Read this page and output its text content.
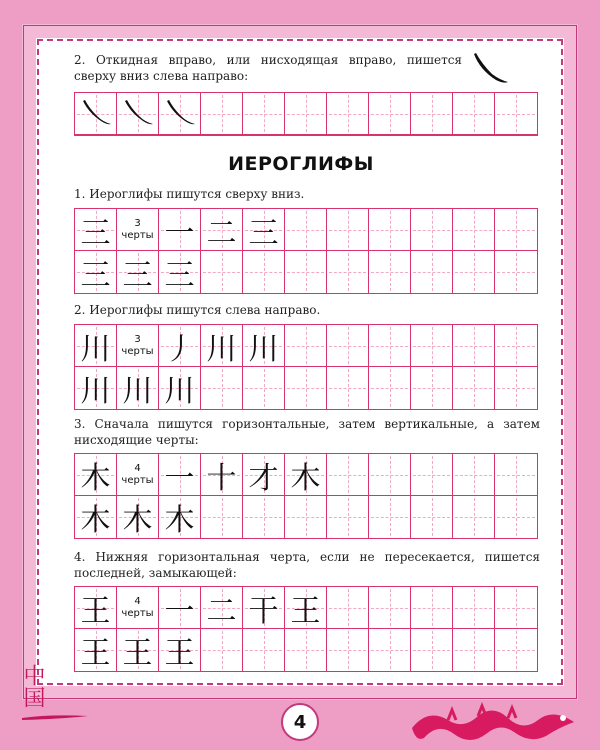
2. Откидная вправо, или нисходящая вправо, пишется сверху вниз слева направо:

ИЕРОГЛИФЫ

1. Иероглифы пишутся сверху вниз.

三 3
черты 一 二 三
三 三 三

2. Иероглифы пишутся слева направо.

川 3
черты 丿 川 川
川 川 川

3. Сначала пишутся горизонтальные, затем вертикальные, а затем нисходящие черты:

木 4
черты 一 十 才 木
木 木 木

4. Нижняя горизонтальная черта, если не пересекается, пишется последней, замыкающей:

王 4
черты 一 二 干 王
王 王 王
中国
4
